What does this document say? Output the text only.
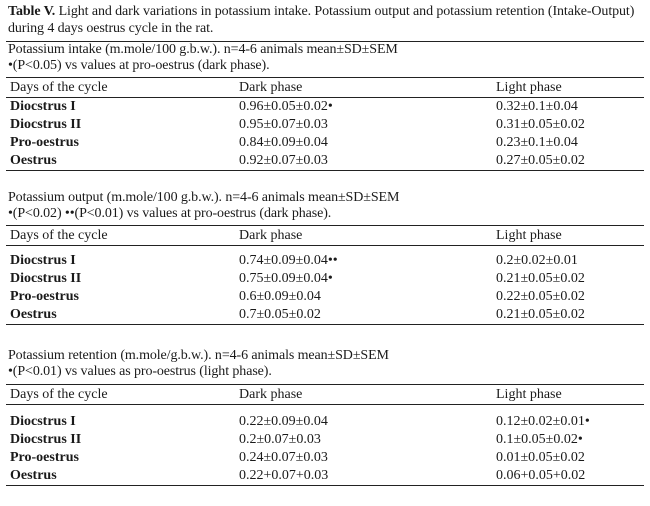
Table V. Light and dark variations in potassium intake. Potassium output and potassium retention (Intake-Output) during 4 days oestrus cycle in the rat.
Potassium intake (m.mole/100 g.b.w.). n=4-6 animals mean±SD±SEM
•(P<0.05) vs values at pro-oestrus (dark phase).
Days of the cycle	Dark phase	Light phase
Diocstrus I	0.96±0.05±0.02•	0.32±0.1±0.04
Diocstrus II	0.95±0.07±0.03	0.31±0.05±0.02
Pro-oestrus	0.84±0.09±0.04	0.23±0.1±0.04
Oestrus	0.92±0.07±0.03	0.27±0.05±0.02
Potassium output (m.mole/100 g.b.w.). n=4-6 animals mean±SD±SEM
•(P<0.02) ••(P<0.01) vs values at pro-oestrus (dark phase).
Days of the cycle	Dark phase	Light phase
Diocstrus I	0.74±0.09±0.04••	0.2±0.02±0.01
Diocstrus II	0.75±0.09±0.04•	0.21±0.05±0.02
Pro-oestrus	0.6±0.09±0.04	0.22±0.05±0.02
Oestrus	0.7±0.05±0.02	0.21±0.05±0.02
Potassium retention (m.mole/g.b.w.). n=4-6 animals mean±SD±SEM
•(P<0.01) vs values as pro-oestrus (light phase).
Days of the cycle	Dark phase	Light phase
Diocstrus I	0.22±0.09±0.04	0.12±0.02±0.01•
Diocstrus II	0.2±0.07±0.03	0.1±0.05±0.02•
Pro-oestrus	0.24±0.07±0.03	0.01±0.05±0.02
Oestrus	0.22+0.07+0.03	0.06+0.05+0.02
